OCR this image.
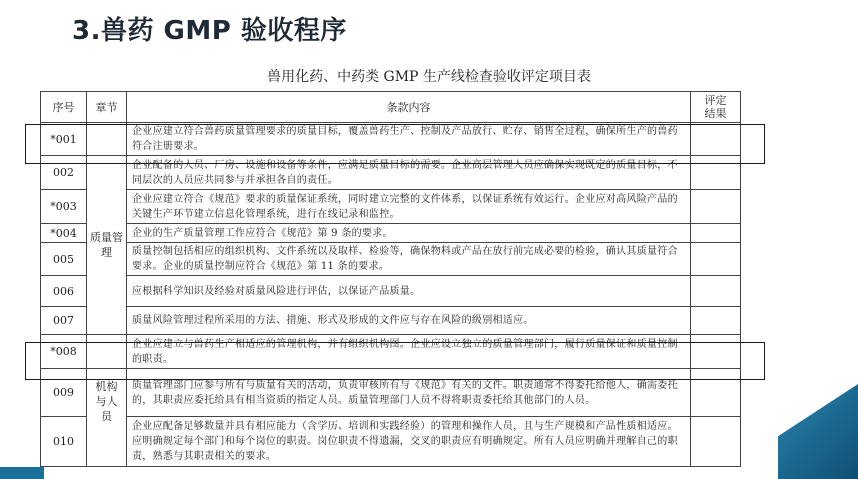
3.兽药 GMP 验收程序
兽用化药、中药类 GMP 生产线检查验收评定项目表
序号	章节	条款内容	评定
结果
*001		企业应建立符合兽药质量管理要求的质量目标，覆盖兽药生产、控制及产品放行、贮存、销售全过程，确保所生产的兽药符合注册要求。	
002	质量管理	企业配备的人员、厂房、设施和设备等条件，应满足质量目标的需要。企业高层管理人员应确保实现既定的质量目标，不同层次的人员应共同参与并承担各自的责任。	
*003		企业应建立符合《规范》要求的质量保证系统，同时建立完整的文件体系，以保证系统有效运行。企业应对高风险产品的关键生产环节建立信息化管理系统，进行在线记录和监控。	
*004		企业的生产质量管理工作应符合《规范》第 9 条的要求。	
005		质量控制包括相应的组织机构、文件系统以及取样、检验等，确保物料或产品在放行前完成必要的检验，确认其质量符合要求。企业的质量控制应符合《规范》第 11 条的要求。	
006		应根据科学知识及经验对质量风险进行评估，以保证产品质量。	
007		质量风险管理过程所采用的方法、措施、形式及形成的文件应与存在风险的级别相适应。	
*008		企业应建立与兽药生产相适应的管理机构，并有组织机构图。企业应设立独立的质量管理部门，履行质量保证和质量控制的职责。	
009	机构与人员	质量管理部门应参与所有与质量有关的活动，负责审核所有与《规范》有关的文件。职责通常不得委托给他人，确需委托的，其职责应委托给具有相当资质的指定人员。质量管理部门人员不得将职责委托给其他部门的人员。	
010		企业应配备足够数量并具有相应能力（含学历、培训和实践经验）的管理和操作人员，且与生产规模和产品性质相适应。应明确规定每个部门和每个岗位的职责。岗位职责不得遗漏，交叉的职责应有明确规定。所有人员应明确并理解自己的职责，熟悉与其职责相关的要求。	
